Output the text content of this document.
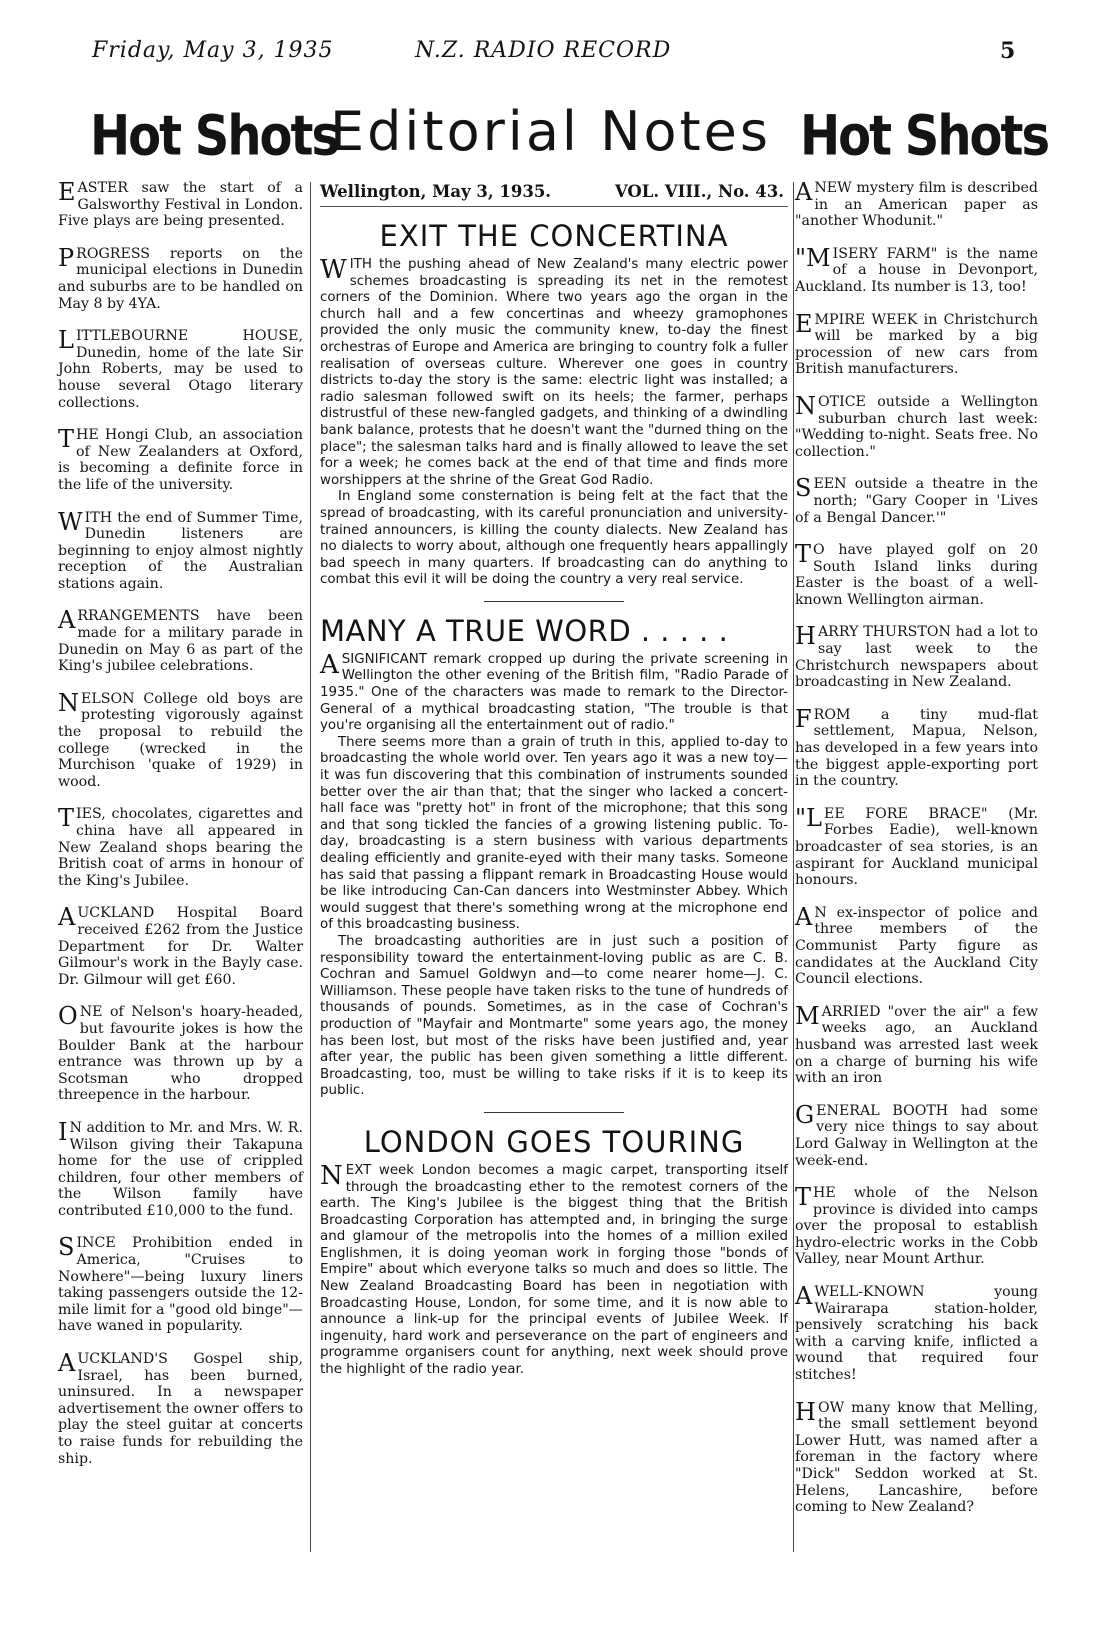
Friday, May 3, 1935	N.Z. RADIO RECORD	5
Hot Shots
Editorial Notes Hot Shots

EASTER saw the start of a Galsworthy Festival in London. Five plays are being presented.

PROGRESS reports on the municipal elections in Dunedin and suburbs are to be handled on May 8 by 4YA.

LITTLEBOURNE HOUSE, Dunedin, home of the late Sir John Roberts, may be used to house several Otago literary collections.

THE Hongi Club, an association of New Zealanders at Oxford, is becoming a definite force in the life of the university.

WITH the end of Summer Time, Dunedin listeners are beginning to enjoy almost nightly reception of the Australian stations again.

ARRANGEMENTS have been made for a military parade in Dunedin on May 6 as part of the King's jubilee celebrations.

NELSON College old boys are protesting vigorously against the proposal to rebuild the college (wrecked in the Murchison 'quake of 1929) in wood.

TIES, chocolates, cigarettes and china have all appeared in New Zealand shops bearing the British coat of arms in honour of the King's Jubilee.

AUCKLAND Hospital Board received £262 from the Justice Department for Dr. Walter Gilmour's work in the Bayly case. Dr. Gilmour will get £60.

ONE of Nelson's hoary-headed, but favourite jokes is how the Boulder Bank at the harbour entrance was thrown up by a Scotsman who dropped threepence in the harbour.

I N addition to Mr. and Mrs. W. R. Wilson giving their Takapuna home for the use of crippled children, four other members of the Wilson family have contributed £10,000 to the fund.

SINCE Prohibition ended in America, "Cruises to Nowhere"—being luxury liners taking passengers outside the 12-mile limit for a "good old binge"—have waned in popularity.

AUCKLAND'S Gospel ship, Israel, has been burned, uninsured. In a newspaper advertisement the owner offers to play the steel guitar at concerts to raise funds for rebuilding the ship.

Wellington, May 3, 1935.	VOL. VIII., No. 43.
EXIT THE CONCERTINA

WITH the pushing ahead of New Zealand's many electric power schemes broadcasting is spreading its net in the remotest corners of the Dominion. Where two years ago the organ in the church hall and a few concertinas and wheezy gramophones provided the only music the community knew, to-day the finest orchestras of Europe and America are bringing to country folk a fuller realisation of overseas culture. Wherever one goes in country districts to-day the story is the same: electric light was installed; a radio salesman followed swift on its heels; the farmer, perhaps distrustful of these new-fangled gadgets, and thinking of a dwindling bank balance, protests that he doesn't want the "durned thing on the place"; the salesman talks hard and is finally allowed to leave the set for a week; he comes back at the end of that time and finds more worshippers at the shrine of the Great God Radio.

In England some consternation is being felt at the fact that the spread of broadcasting, with its careful pronunciation and university-trained announcers, is killing the county dialects. New Zealand has no dialects to worry about, although one frequently hears appallingly bad speech in many quarters. If broadcasting can do anything to combat this evil it will be doing the country a very real service.

MANY A TRUE WORD . . . . .

A SIGNIFICANT remark cropped up during the private screening in Wellington the other evening of the British film, "Radio Parade of 1935." One of the characters was made to remark to the Director-General of a mythical broadcasting station, "The trouble is that you're organising all the entertainment out of radio."

There seems more than a grain of truth in this, applied to-day to broadcasting the whole world over. Ten years ago it was a new toy—it was fun discovering that this combination of instruments sounded better over the air than that; that the singer who lacked a concert-hall face was "pretty hot" in front of the microphone; that this song and that song tickled the fancies of a growing listening public. To-day, broadcasting is a stern business with various departments dealing efficiently and granite-eyed with their many tasks. Someone has said that passing a flippant remark in Broadcasting House would be like introducing Can-Can dancers into Westminster Abbey. Which would suggest that there's something wrong at the microphone end of this broadcasting business.

The broadcasting authorities are in just such a position of responsibility toward the entertainment-loving public as are C. B. Cochran and Samuel Goldwyn and—to come nearer home—J. C. Williamson. These people have taken risks to the tune of hundreds of thousands of pounds. Sometimes, as in the case of Cochran's production of "Mayfair and Montmarte" some years ago, the money has been lost, but most of the risks have been justified and, year after year, the public has been given something a little different. Broadcasting, too, must be willing to take risks if it is to keep its public.

LONDON GOES TOURING

NEXT week London becomes a magic carpet, transporting itself through the broadcasting ether to the remotest corners of the earth. The King's Jubilee is the biggest thing that the British Broadcasting Corporation has attempted and, in bringing the surge and glamour of the metropolis into the homes of a million exiled Englishmen, it is doing yeoman work in forging those "bonds of Empire" about which everyone talks so much and does so little. The New Zealand Broadcasting Board has been in negotiation with Broadcasting House, London, for some time, and it is now able to announce a link-up for the principal events of Jubilee Week. If ingenuity, hard work and perseverance on the part of engineers and programme organisers count for anything, next week should prove the highlight of the radio year.

A NEW mystery film is described in an American paper as "another Whodunit."

"MISERY FARM" is the name of a house in Devonport, Auckland. Its number is 13, too!

EMPIRE WEEK in Christchurch will be marked by a big procession of new cars from British manufacturers.

NOTICE outside a Wellington suburban church last week: "Wedding to-night. Seats free. No collection."

SEEN outside a theatre in the north; "Gary Cooper in 'Lives of a Bengal Dancer.'"

T O have played golf on 20 South Island links during Easter is the boast of a well-known Wellington airman.

HARRY THURSTON had a lot to say last week to the Christchurch newspapers about broadcasting in New Zealand.

FROM a tiny mud-flat settlement, Mapua, Nelson, has developed in a few years into the biggest apple-exporting port in the country.

"LEE FORE BRACE" (Mr. Forbes Eadie), well-known broadcaster of sea stories, is an aspirant for Auckland municipal honours.

A N ex-inspector of police and three members of the Communist Party figure as candidates at the Auckland City Council elections.

MARRIED "over the air" a few weeks ago, an Auckland husband was arrested last week on a charge of burning his wife with an iron

GENERAL BOOTH had some very nice things to say about Lord Galway in Wellington at the week-end.

THE whole of the Nelson province is divided into camps over the proposal to establish hydro-electric works in the Cobb Valley, near Mount Arthur.

A WELL-KNOWN young Wairarapa station-holder, pensively scratching his back with a carving knife, inflicted a wound that required four stitches!

HOW many know that Melling, the small settlement beyond Lower Hutt, was named after a foreman in the factory where "Dick" Seddon worked at St. Helens, Lancashire, before coming to New Zealand?
